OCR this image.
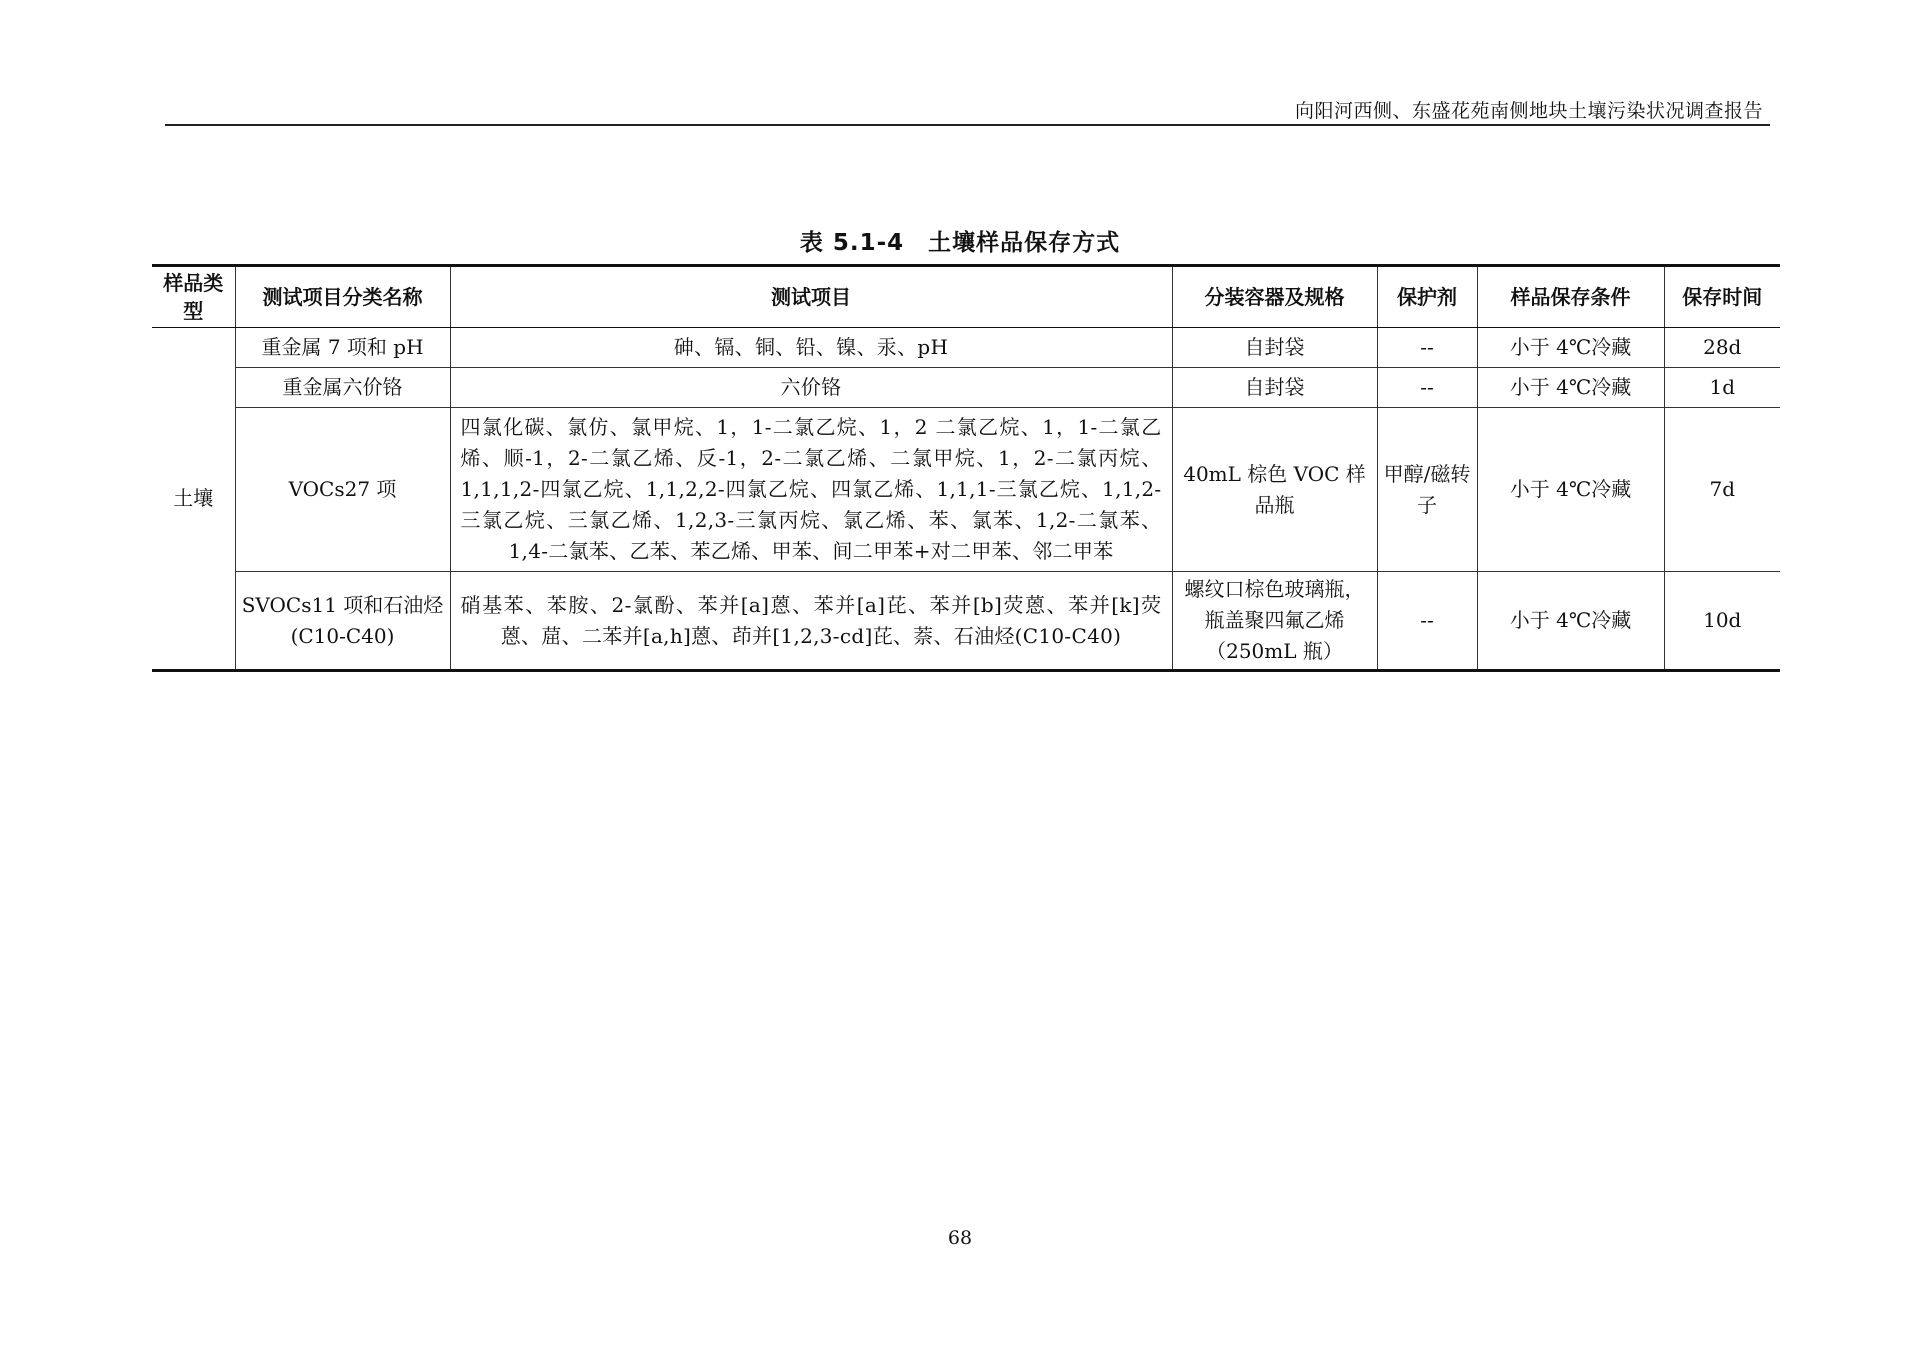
向阳河西侧、东盛花苑南侧地块土壤污染状况调查报告
表 5.1-4　土壤样品保存方式
样品类型	测试项目分类名称	测试项目	分装容器及规格	保护剂	样品保存条件	保存时间
土壤	重金属 7 项和 pH	砷、镉、铜、铅、镍、汞、pH	自封袋	--	小于 4℃冷藏	28d
	重金属六价铬	六价铬	自封袋	--	小于 4℃冷藏	1d
	VOCs27 项	四氯化碳、氯仿、氯甲烷、1，1-二氯乙烷、1，2 二氯乙烷、1，1-二氯乙烯、顺-1，2-二氯乙烯、反-1，2-二氯乙烯、二氯甲烷、1，2-二氯丙烷、1,1,1,2-四氯乙烷、1,1,2,2-四氯乙烷、四氯乙烯、1,1,1-三氯乙烷、1,1,2-三氯乙烷、三氯乙烯、1,2,3-三氯丙烷、氯乙烯、苯、氯苯、1,2-二氯苯、1,4-二氯苯、乙苯、苯乙烯、甲苯、间二甲苯+对二甲苯、邻二甲苯	40mL 棕色 VOC 样品瓶	甲醇/磁转子	小于 4℃冷藏	7d
	SVOCs11 项和石油烃(C10-C40)	硝基苯、苯胺、2-氯酚、苯并[a]蒽、苯并[a]芘、苯并[b]荧蒽、苯并[k]荧蒽、䓛、二苯并[a,h]蒽、茚并[1,2,3-cd]芘、萘、石油烃(C10-C40)	螺纹口棕色玻璃瓶，瓶盖聚四氟乙烯（250mL 瓶）	--	小于 4℃冷藏	10d
68
